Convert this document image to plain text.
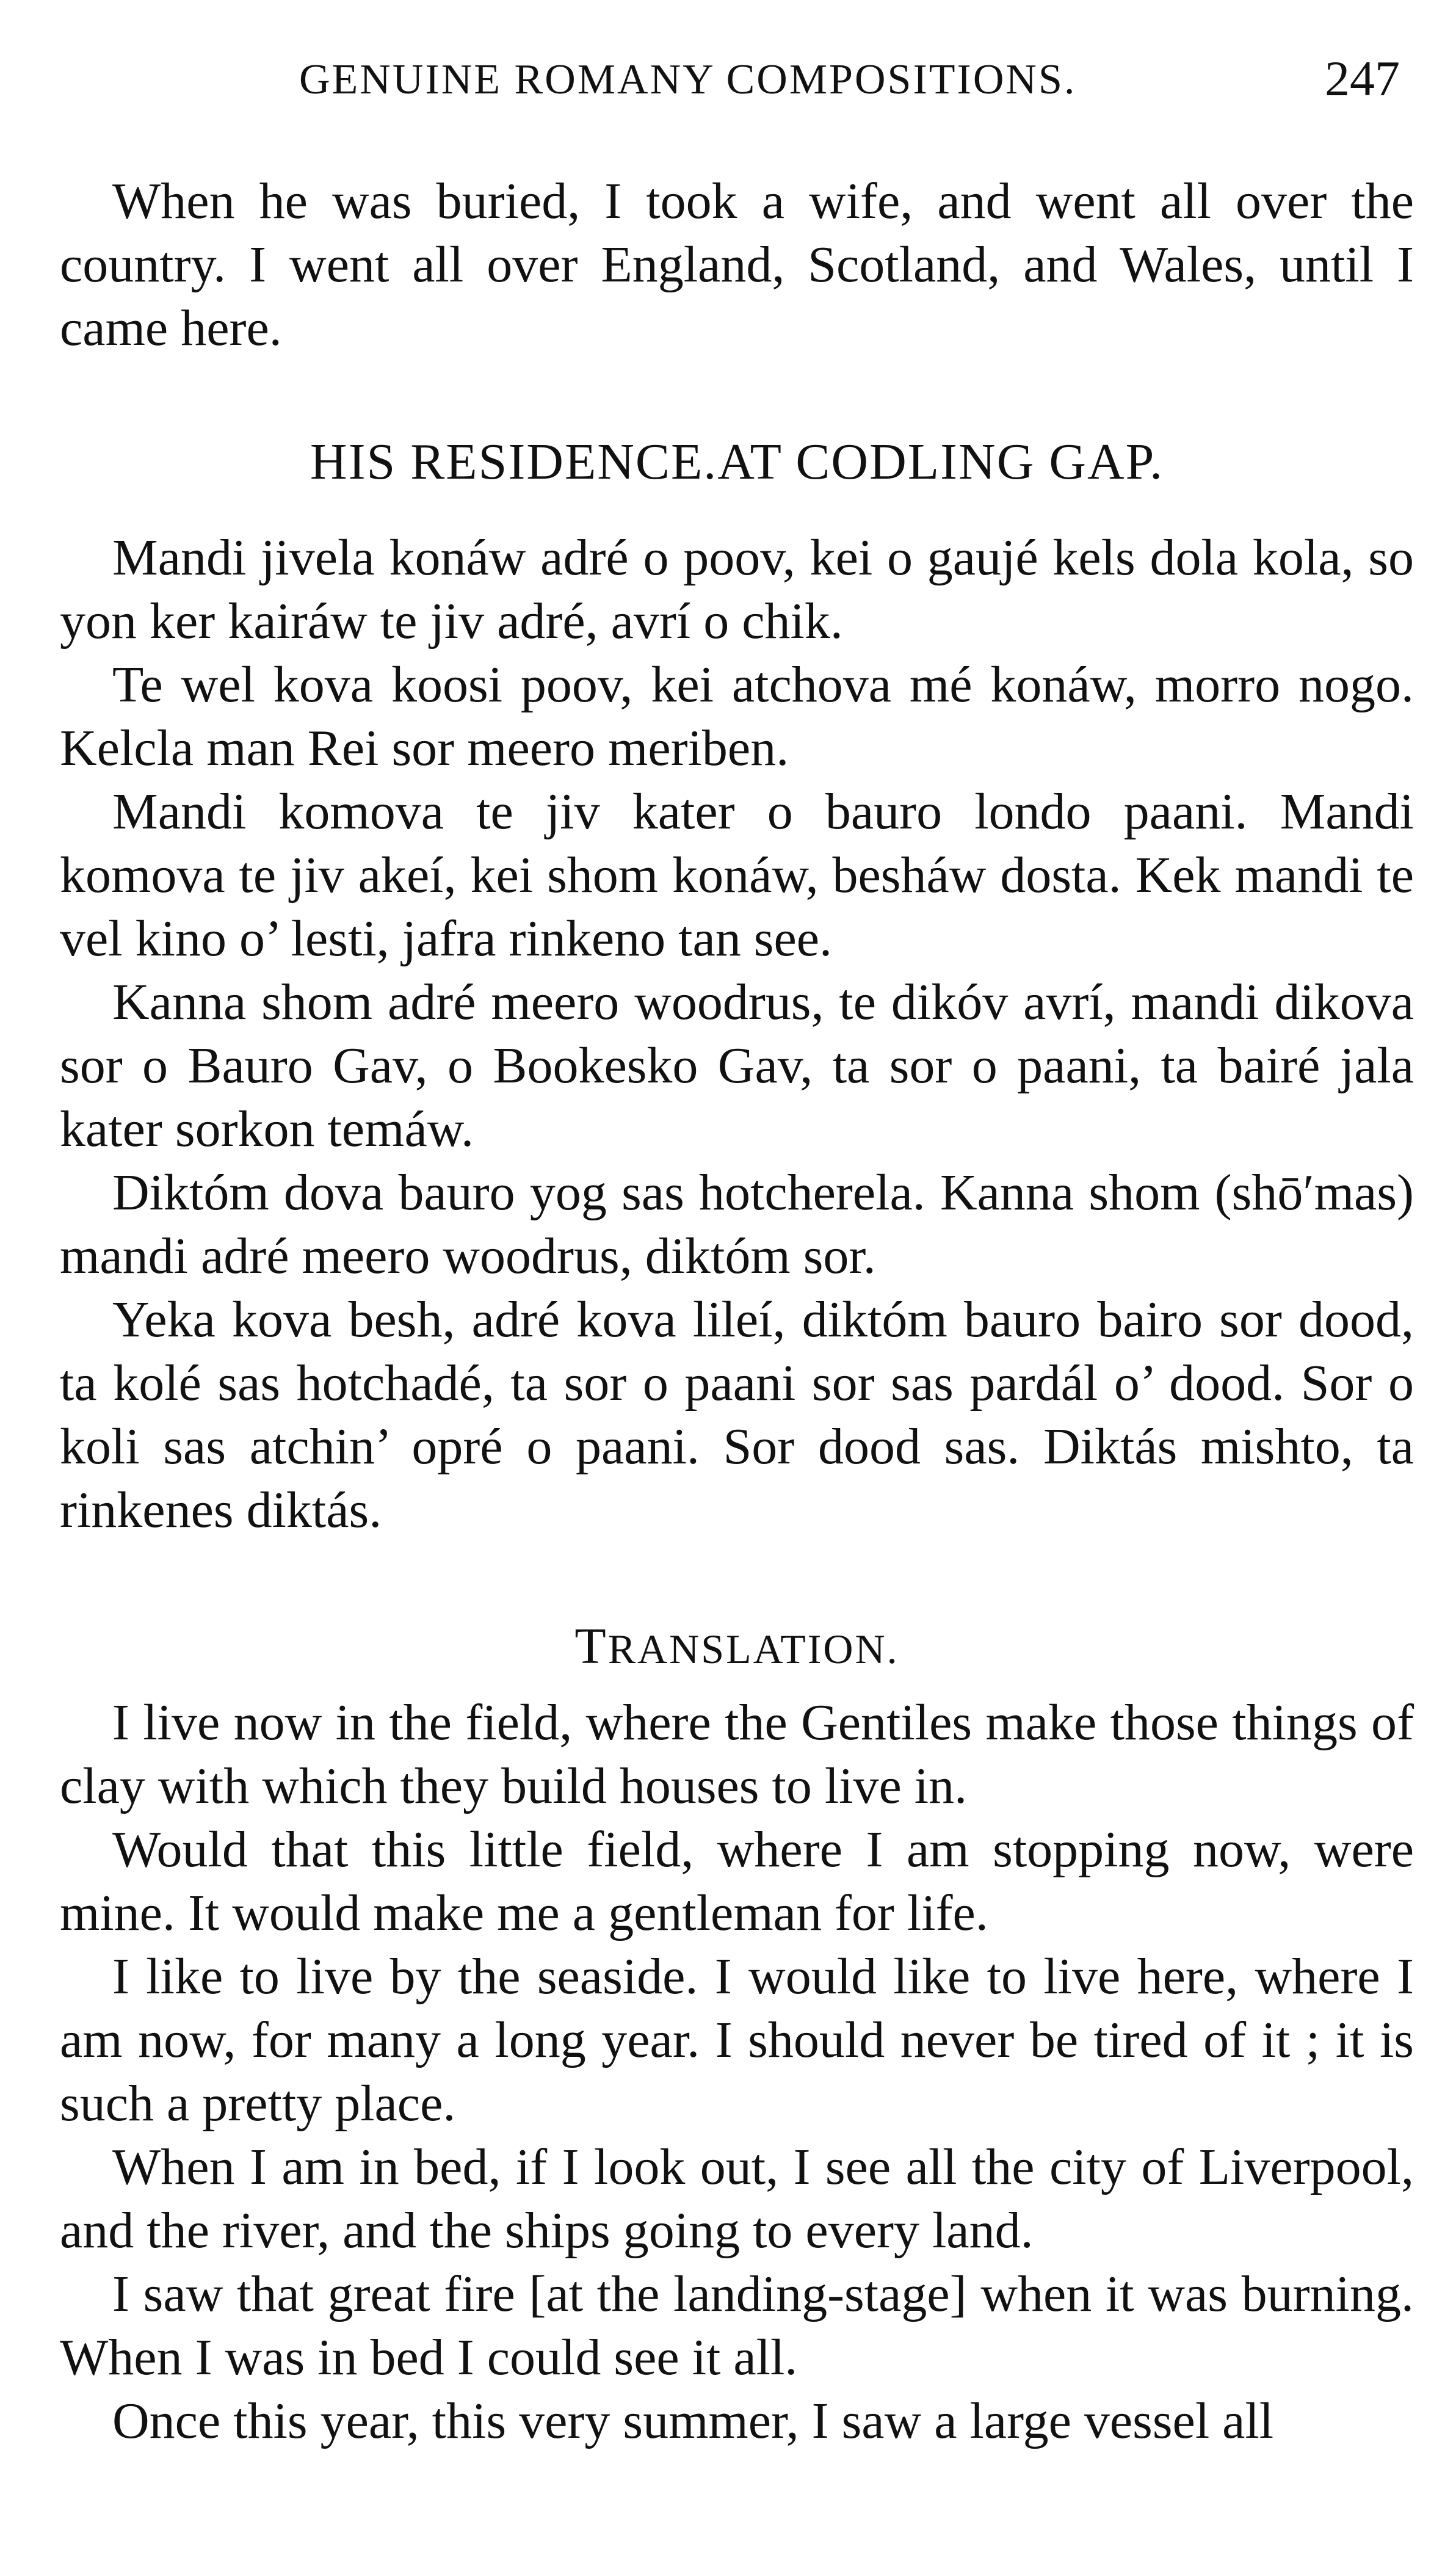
GENUINE ROMANY COMPOSITIONS.	247

When he was buried, I took a wife, and went all over the country. I went all over England, Scotland, and Wales, until I came here.

HIS RESIDENCE.AT CODLING GAP.

Mandi jivela konáw adré o poov, kei o gaujé kels dola kola, so yon ker kairáw te jiv adré, avrí o chik.

Te wel kova koosi poov, kei atchova mé konáw, morro nogo. Kelcla man Rei sor meero meriben.

Mandi komova te jiv kater o bauro londo paani. Mandi komova te jiv akeí, kei shom konáw, besháw dosta. Kek mandi te vel kino o’ lesti, jafra rinkeno tan see.

Kanna shom adré meero woodrus, te dikóv avrí, mandi dikova sor o Bauro Gav, o Bookesko Gav, ta sor o paani, ta bairé jala kater sorkon temáw.

Diktóm dova bauro yog sas hotcherela. Kanna shom (shō′mas) mandi adré meero woodrus, diktóm sor.

Yeka kova besh, adré kova lileí, diktóm bauro bairo sor dood, ta kolé sas hotchadé, ta sor o paani sor sas pardál o’ dood. Sor o koli sas atchin’ opré o paani. Sor dood sas. Diktás mishto, ta rinkenes diktás.

TRANSLATION.

I live now in the field, where the Gentiles make those things of clay with which they build houses to live in.

Would that this little field, where I am stopping now, were mine. It would make me a gentleman for life.

I like to live by the seaside. I would like to live here, where I am now, for many a long year. I should never be tired of it ; it is such a pretty place.

When I am in bed, if I look out, I see all the city of Liverpool, and the river, and the ships going to every land.

I saw that great fire [at the landing-stage] when it was burning. When I was in bed I could see it all.

Once this year, this very summer, I saw a large vessel all
